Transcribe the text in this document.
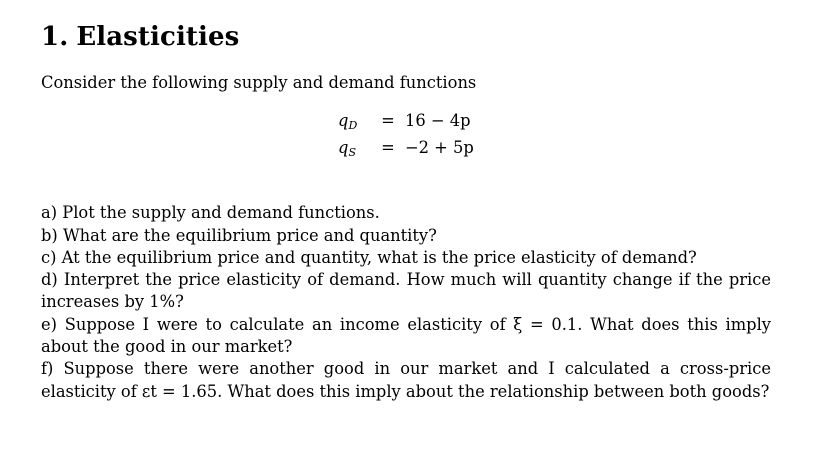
1. Elasticities

Consider the following supply and demand functions

$q_D$	= 16 − 4p
$q_S$	= −2 + 5p

a) Plot the supply and demand functions.

b) What are the equilibrium price and quantity?

c) At the equilibrium price and quantity, what is the price elasticity of demand?

d) Interpret the price elasticity of demand. How much will quantity change if the price increases by 1%?

e) Suppose I were to calculate an income elasticity of ξ = 0.1. What does this imply about the good in our market?

f) Suppose there were another good in our market and I calculated a cross-price elasticity of εt = 1.65. What does this imply about the relationship between both goods?
